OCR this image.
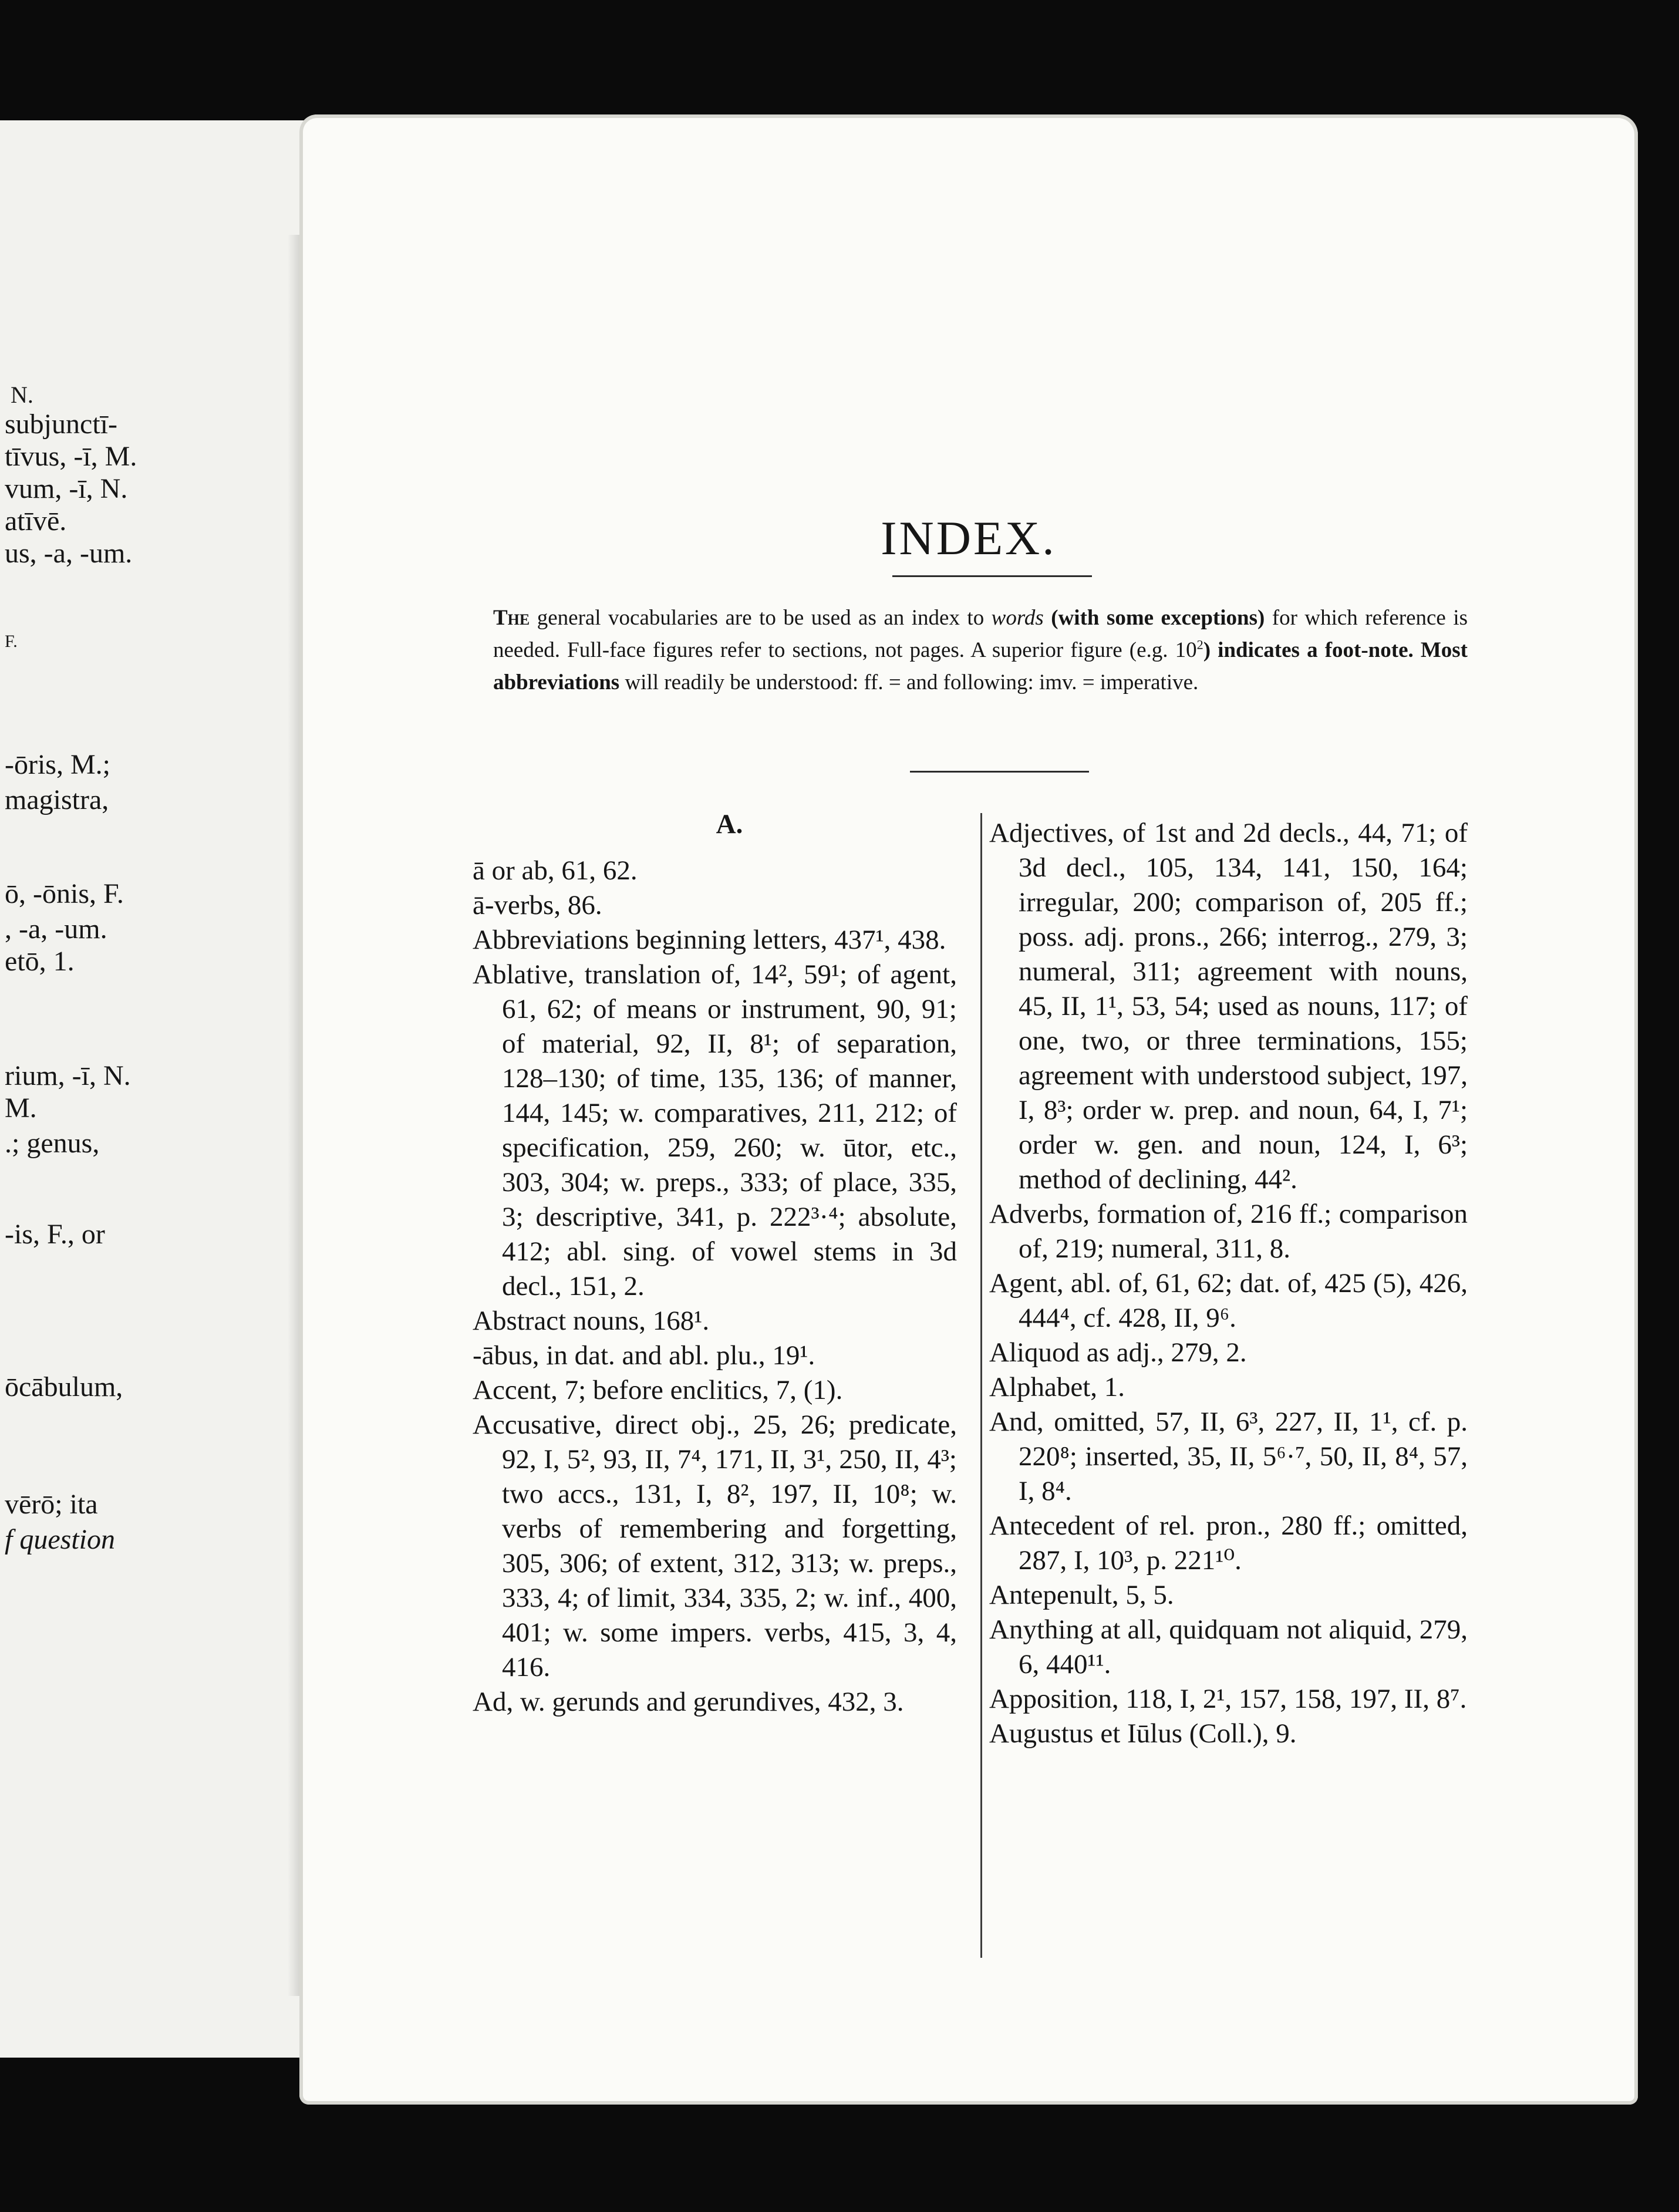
N.
subjunctī-
tīvus, -ī, M.
vum, -ī, N.
atīvē.
us, -a, -um.
F.
-ōris, M.;
magistra,
ō, -ōnis, F.
, -a, -um.
etō, 1.
rium, -ī, N.
M.
.; genus,
-is, F., or
ōcābulum,
vērō; ita
f question
INDEX.
The general vocabularies are to be used as an index to words (with some exceptions) for which reference is needed. Full-face figures refer to sections, not pages. A superior figure (e.g. $10^2$) indicates a foot-note. Most abbreviations will readily be understood: ff. = and following: imv. = imperative.
A.

ā or ab, 61, 62.

ā-verbs, 86.

Abbreviations beginning letters, 437¹, 438.

Ablative, translation of, 14², 59¹; of agent, 61, 62; of means or instrument, 90, 91; of material, 92, II, 8¹; of separation, 128–130; of time, 135, 136; of manner, 144, 145; w. comparatives, 211, 212; of specification, 259, 260; w. ūtor, etc., 303, 304; w. preps., 333; of place, 335, 3; descriptive, 341, p. 222³·⁴; absolute, 412; abl. sing. of vowel stems in 3d decl., 151, 2.

Abstract nouns, 168¹.

-ābus, in dat. and abl. plu., 19¹.

Accent, 7; before enclitics, 7, (1).

Accusative, direct obj., 25, 26; predicate, 92, I, 5², 93, II, 7⁴, 171, II, 3¹, 250, II, 4³; two accs., 131, I, 8², 197, II, 10⁸; w. verbs of remembering and forgetting, 305, 306; of extent, 312, 313; w. preps., 333, 4; of limit, 334, 335, 2; w. inf., 400, 401; w. some impers. verbs, 415, 3, 4, 416.

Ad, w. gerunds and gerundives, 432, 3.

Adjectives, of 1st and 2d decls., 44, 71; of 3d decl., 105, 134, 141, 150, 164; irregular, 200; comparison of, 205 ff.; poss. adj. prons., 266; interrog., 279, 3; numeral, 311; agreement with nouns, 45, II, 1¹, 53, 54; used as nouns, 117; of one, two, or three terminations, 155; agreement with understood subject, 197, I, 8³; order w. prep. and noun, 64, I, 7¹; order w. gen. and noun, 124, I, 6³; method of declining, 44².

Adverbs, formation of, 216 ff.; comparison of, 219; numeral, 311, 8.

Agent, abl. of, 61, 62; dat. of, 425 (5), 426, 444⁴, cf. 428, II, 9⁶.

Aliquod as adj., 279, 2.

Alphabet, 1.

And, omitted, 57, II, 6³, 227, II, 1¹, cf. p. 220⁸; inserted, 35, II, 5⁶·⁷, 50, II, 8⁴, 57, I, 8⁴.

Antecedent of rel. pron., 280 ff.; omitted, 287, I, 10³, p. 221¹⁰.

Antepenult, 5, 5.

Anything at all, quidquam not aliquid, 279, 6, 440¹¹.

Apposition, 118, I, 2¹, 157, 158, 197, II, 8⁷.

Augustus et Iūlus (Coll.), 9.
